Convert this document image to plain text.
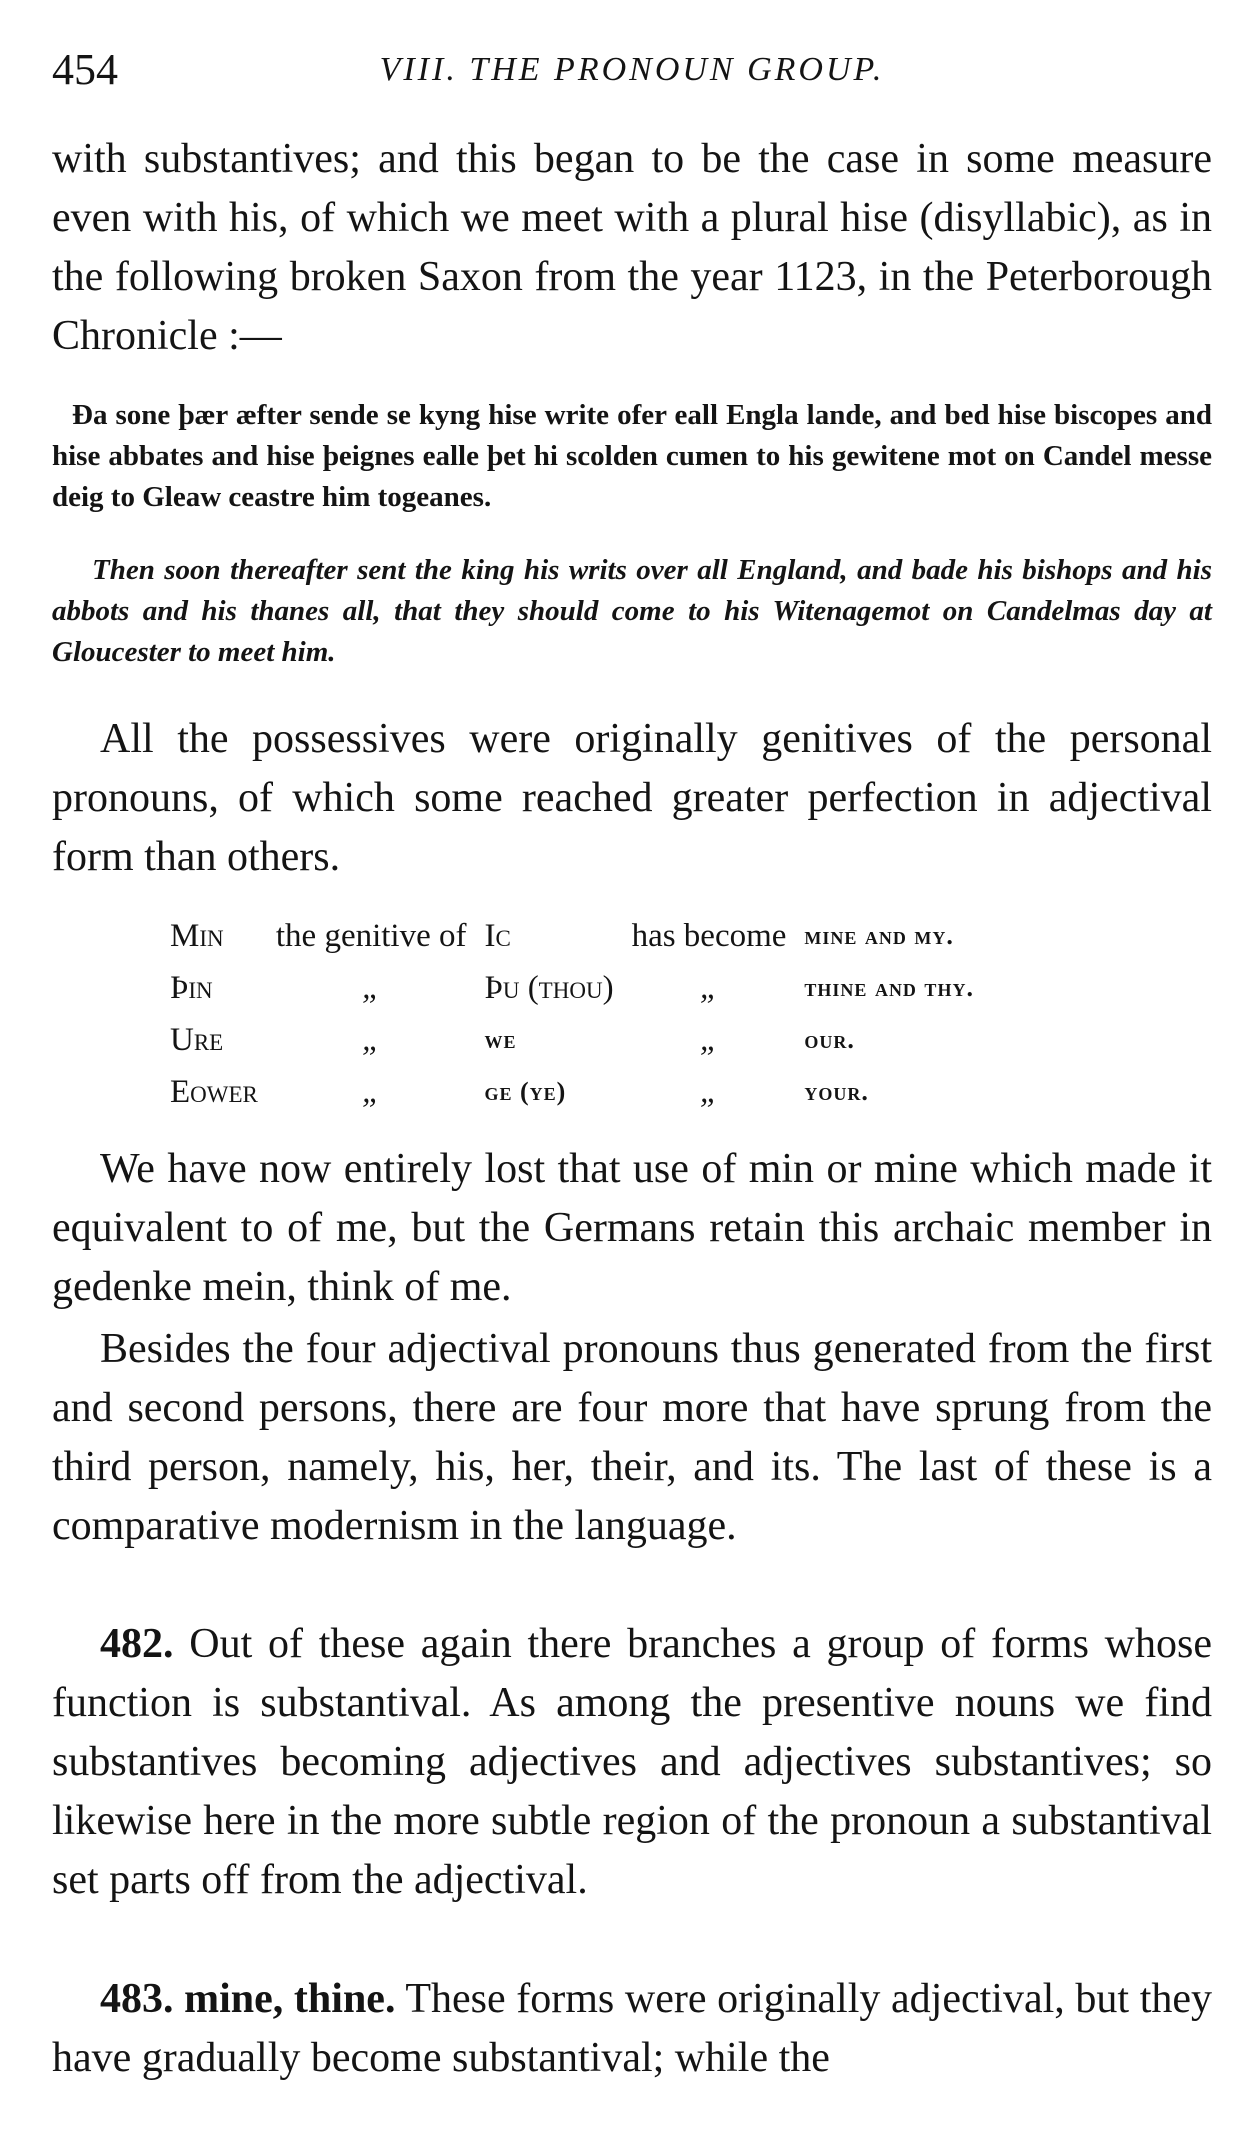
454	VIII. THE PRONOUN GROUP.

with substantives; and this began to be the case in some measure even with his, of which we meet with a plural hise (disyllabic), as in the following broken Saxon from the year 1123, in the Peterborough Chronicle :—

Đa sone þær æfter sende se kyng hise write ofer eall Engla lande, and bed hise biscopes and hise abbates and hise þeignes ealle þet hi scolden cumen to his gewitene mot on Candel messe deig to Gleaw ceastre him togeanes.

Then soon thereafter sent the king his writs over all England, and bade his bishops and his abbots and his thanes all, that they should come to his Witenagemot on Candelmas day at Gloucester to meet him.

All the possessives were originally genitives of the personal pronouns, of which some reached greater perfection in adjectival form than others.

Min	the genitive of	Ic	has become	mine and my.
Þin	„	Þu (thou)	„	thine and thy.
Ure	„	we	„	our.
Eower	„	ge (ye)	„	your.

We have now entirely lost that use of min or mine which made it equivalent to of me, but the Germans retain this archaic member in gedenke mein, think of me.

Besides the four adjectival pronouns thus generated from the first and second persons, there are four more that have sprung from the third person, namely, his, her, their, and its. The last of these is a comparative modernism in the language.

482. Out of these again there branches a group of forms whose function is substantival. As among the presentive nouns we find substantives becoming adjectives and adjectives substantives; so likewise here in the more subtle region of the pronoun a substantival set parts off from the adjectival.

483. mine, thine. These forms were originally adjectival, but they have gradually become substantival; while the
